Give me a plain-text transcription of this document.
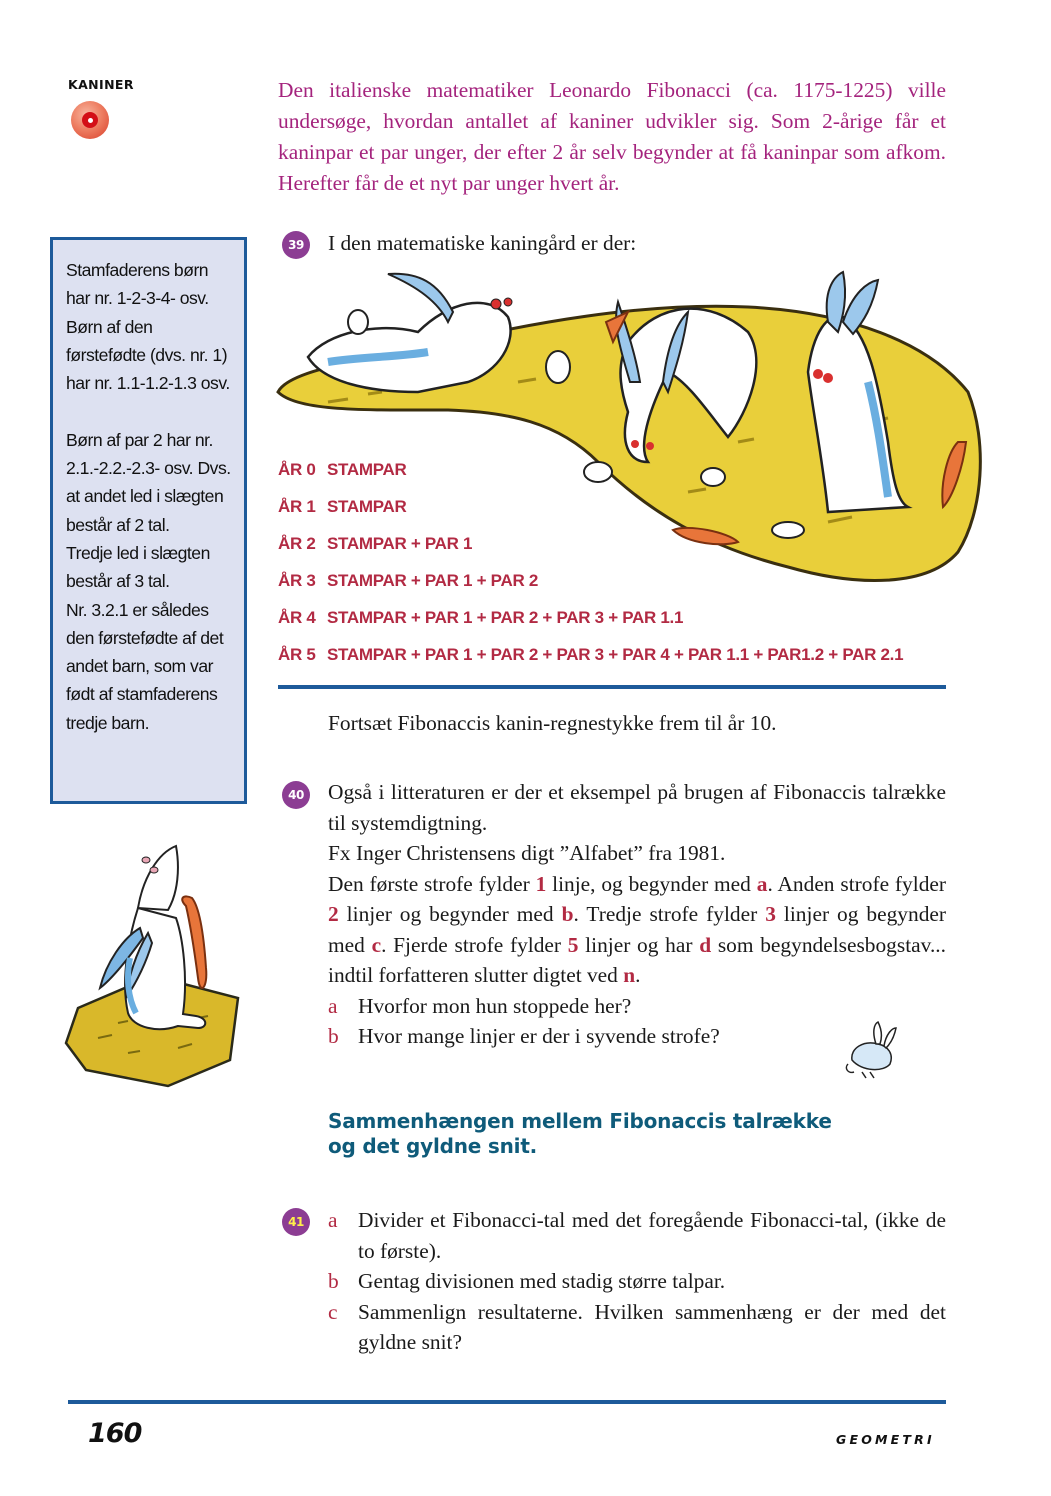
KANINER	Den italienske matematiker Leonardo Fibonacci (ca. 1175-1225) ville undersøge, hvordan antallet af kaniner udvikler sig. Som 2-årige får et kaninpar et par unger, der efter 2 år selv begynder at få kaninpar som afkom. Herefter får de et nyt par unger hvert år.

Stamfaderens børn har nr. 1-2-3-4- osv. Børn af den førstefødte (dvs. nr. 1) har nr. 1.1-1.2-1.3 osv.

Børn af par 2 har nr. 2.1.-2.2.-2.3- osv. Dvs. at andet led i slægten består af 2 tal.

Tredje led i slægten består af 3 tal.

Nr. 3.2.1 er således den førstefødte af det andet barn, som var født af stamfaderens tredje barn.

39 I den matematiske kaningård er der:

ÅR 0 STAMPAR
ÅR 1 STAMPAR
ÅR 2 STAMPAR + PAR 1
ÅR 3 STAMPAR + PAR 1 + PAR 2
ÅR 4 STAMPAR + PAR 1 + PAR 2 + PAR 3 + PAR 1.1
ÅR 5 STAMPAR + PAR 1 + PAR 2 + PAR 3 + PAR 4 + PAR 1.1 + PAR1.2 + PAR 2.1

Fortsæt Fibonaccis kanin-regnestykke frem til år 10.

40 Også i litteraturen er der et eksempel på brugen af Fibonaccis talrække til systemdigtning.

Fx Inger Christensens digt ”Alfabet” fra 1981.

Den første strofe fylder 1 linje, og begynder med a. Anden strofe fylder 2 linjer og begynder med b. Tredje strofe fylder 3 linjer og begynder med c. Fjerde strofe fylder 5 linjer og har d som begyndelsesbogstav... indtil forfatteren slutter digtet ved n.

a Hvorfor mon hun stoppede her?

b Hvor mange linjer er der i syvende strofe?

Sammenhængen mellem Fibonaccis talrække
og det gyldne snit.
41 a Divider et Fibonacci-tal med det foregående Fibonacci-tal, (ikke de to første).
b Gentag divisionen med stadig større talpar.
c Sammenlign resultaterne. Hvilken sammenhæng er der med det gyldne snit?
160	GEOMETRI
